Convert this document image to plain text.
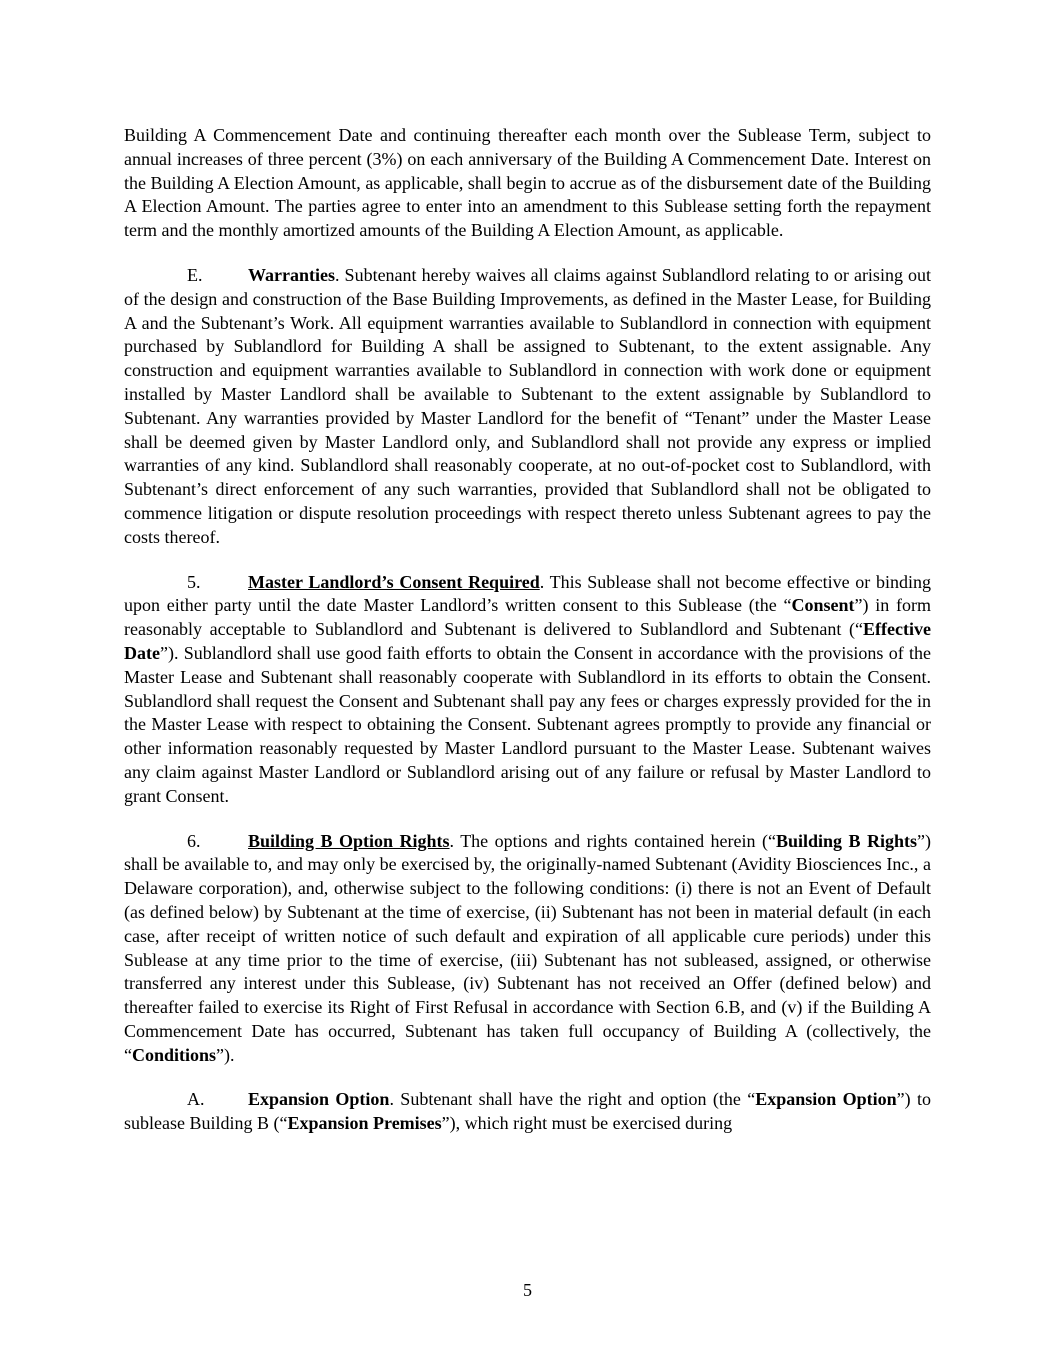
Building A Commencement Date and continuing thereafter each month over the Sublease Term, subject to annual increases of three percent (3%) on each anniversary of the Building A Commencement Date. Interest on the Building A Election Amount, as applicable, shall begin to accrue as of the disbursement date of the Building A Election Amount. The parties agree to enter into an amendment to this Sublease setting forth the repayment term and the monthly amortized amounts of the Building A Election Amount, as applicable.

E.	Warranties. Subtenant hereby waives all claims against Sublandlord relating to or arising out of the design and construction of the Base Building Improvements, as defined in the Master Lease, for Building A and the Subtenant’s Work. All equipment warranties available to Sublandlord in connection with equipment purchased by Sublandlord for Building A shall be assigned to Subtenant, to the extent assignable. Any construction and equipment warranties available to Sublandlord in connection with work done or equipment installed by Master Landlord shall be available to Subtenant to the extent assignable by Sublandlord to Subtenant. Any warranties provided by Master Landlord for the benefit of “Tenant” under the Master Lease shall be deemed given by Master Landlord only, and Sublandlord shall not provide any express or implied warranties of any kind. Sublandlord shall reasonably cooperate, at no out-of-pocket cost to Sublandlord, with Subtenant’s direct enforcement of any such warranties, provided that Sublandlord shall not be obligated to commence litigation or dispute resolution proceedings with respect thereto unless Subtenant agrees to pay the costs thereof.

5.	Master Landlord’s Consent Required. This Sublease shall not become effective or binding upon either party until the date Master Landlord’s written consent to this Sublease (the “Consent”) in form reasonably acceptable to Sublandlord and Subtenant is delivered to Sublandlord and Subtenant (“Effective Date”). Sublandlord shall use good faith efforts to obtain the Consent in accordance with the provisions of the Master Lease and Subtenant shall reasonably cooperate with Sublandlord in its efforts to obtain the Consent. Sublandlord shall request the Consent and Subtenant shall pay any fees or charges expressly provided for the in the Master Lease with respect to obtaining the Consent. Subtenant agrees promptly to provide any financial or other information reasonably requested by Master Landlord pursuant to the Master Lease. Subtenant waives any claim against Master Landlord or Sublandlord arising out of any failure or refusal by Master Landlord to grant Consent.

6.	Building B Option Rights. The options and rights contained herein (“Building B Rights”) shall be available to, and may only be exercised by, the originally-named Subtenant (Avidity Biosciences Inc., a Delaware corporation), and, otherwise subject to the following conditions: (i) there is not an Event of Default (as defined below) by Subtenant at the time of exercise, (ii) Subtenant has not been in material default (in each case, after receipt of written notice of such default and expiration of all applicable cure periods) under this Sublease at any time prior to the time of exercise, (iii) Subtenant has not subleased, assigned, or otherwise transferred any interest under this Sublease, (iv) Subtenant has not received an Offer (defined below) and thereafter failed to exercise its Right of First Refusal in accordance with Section 6.B, and (v) if the Building A Commencement Date has occurred, Subtenant has taken full occupancy of Building A (collectively, the “Conditions”).

A. Expansion Option. Subtenant shall have the right and option (the “Expansion Option”) to sublease Building B (“Expansion Premises”), which right must be exercised during

5
